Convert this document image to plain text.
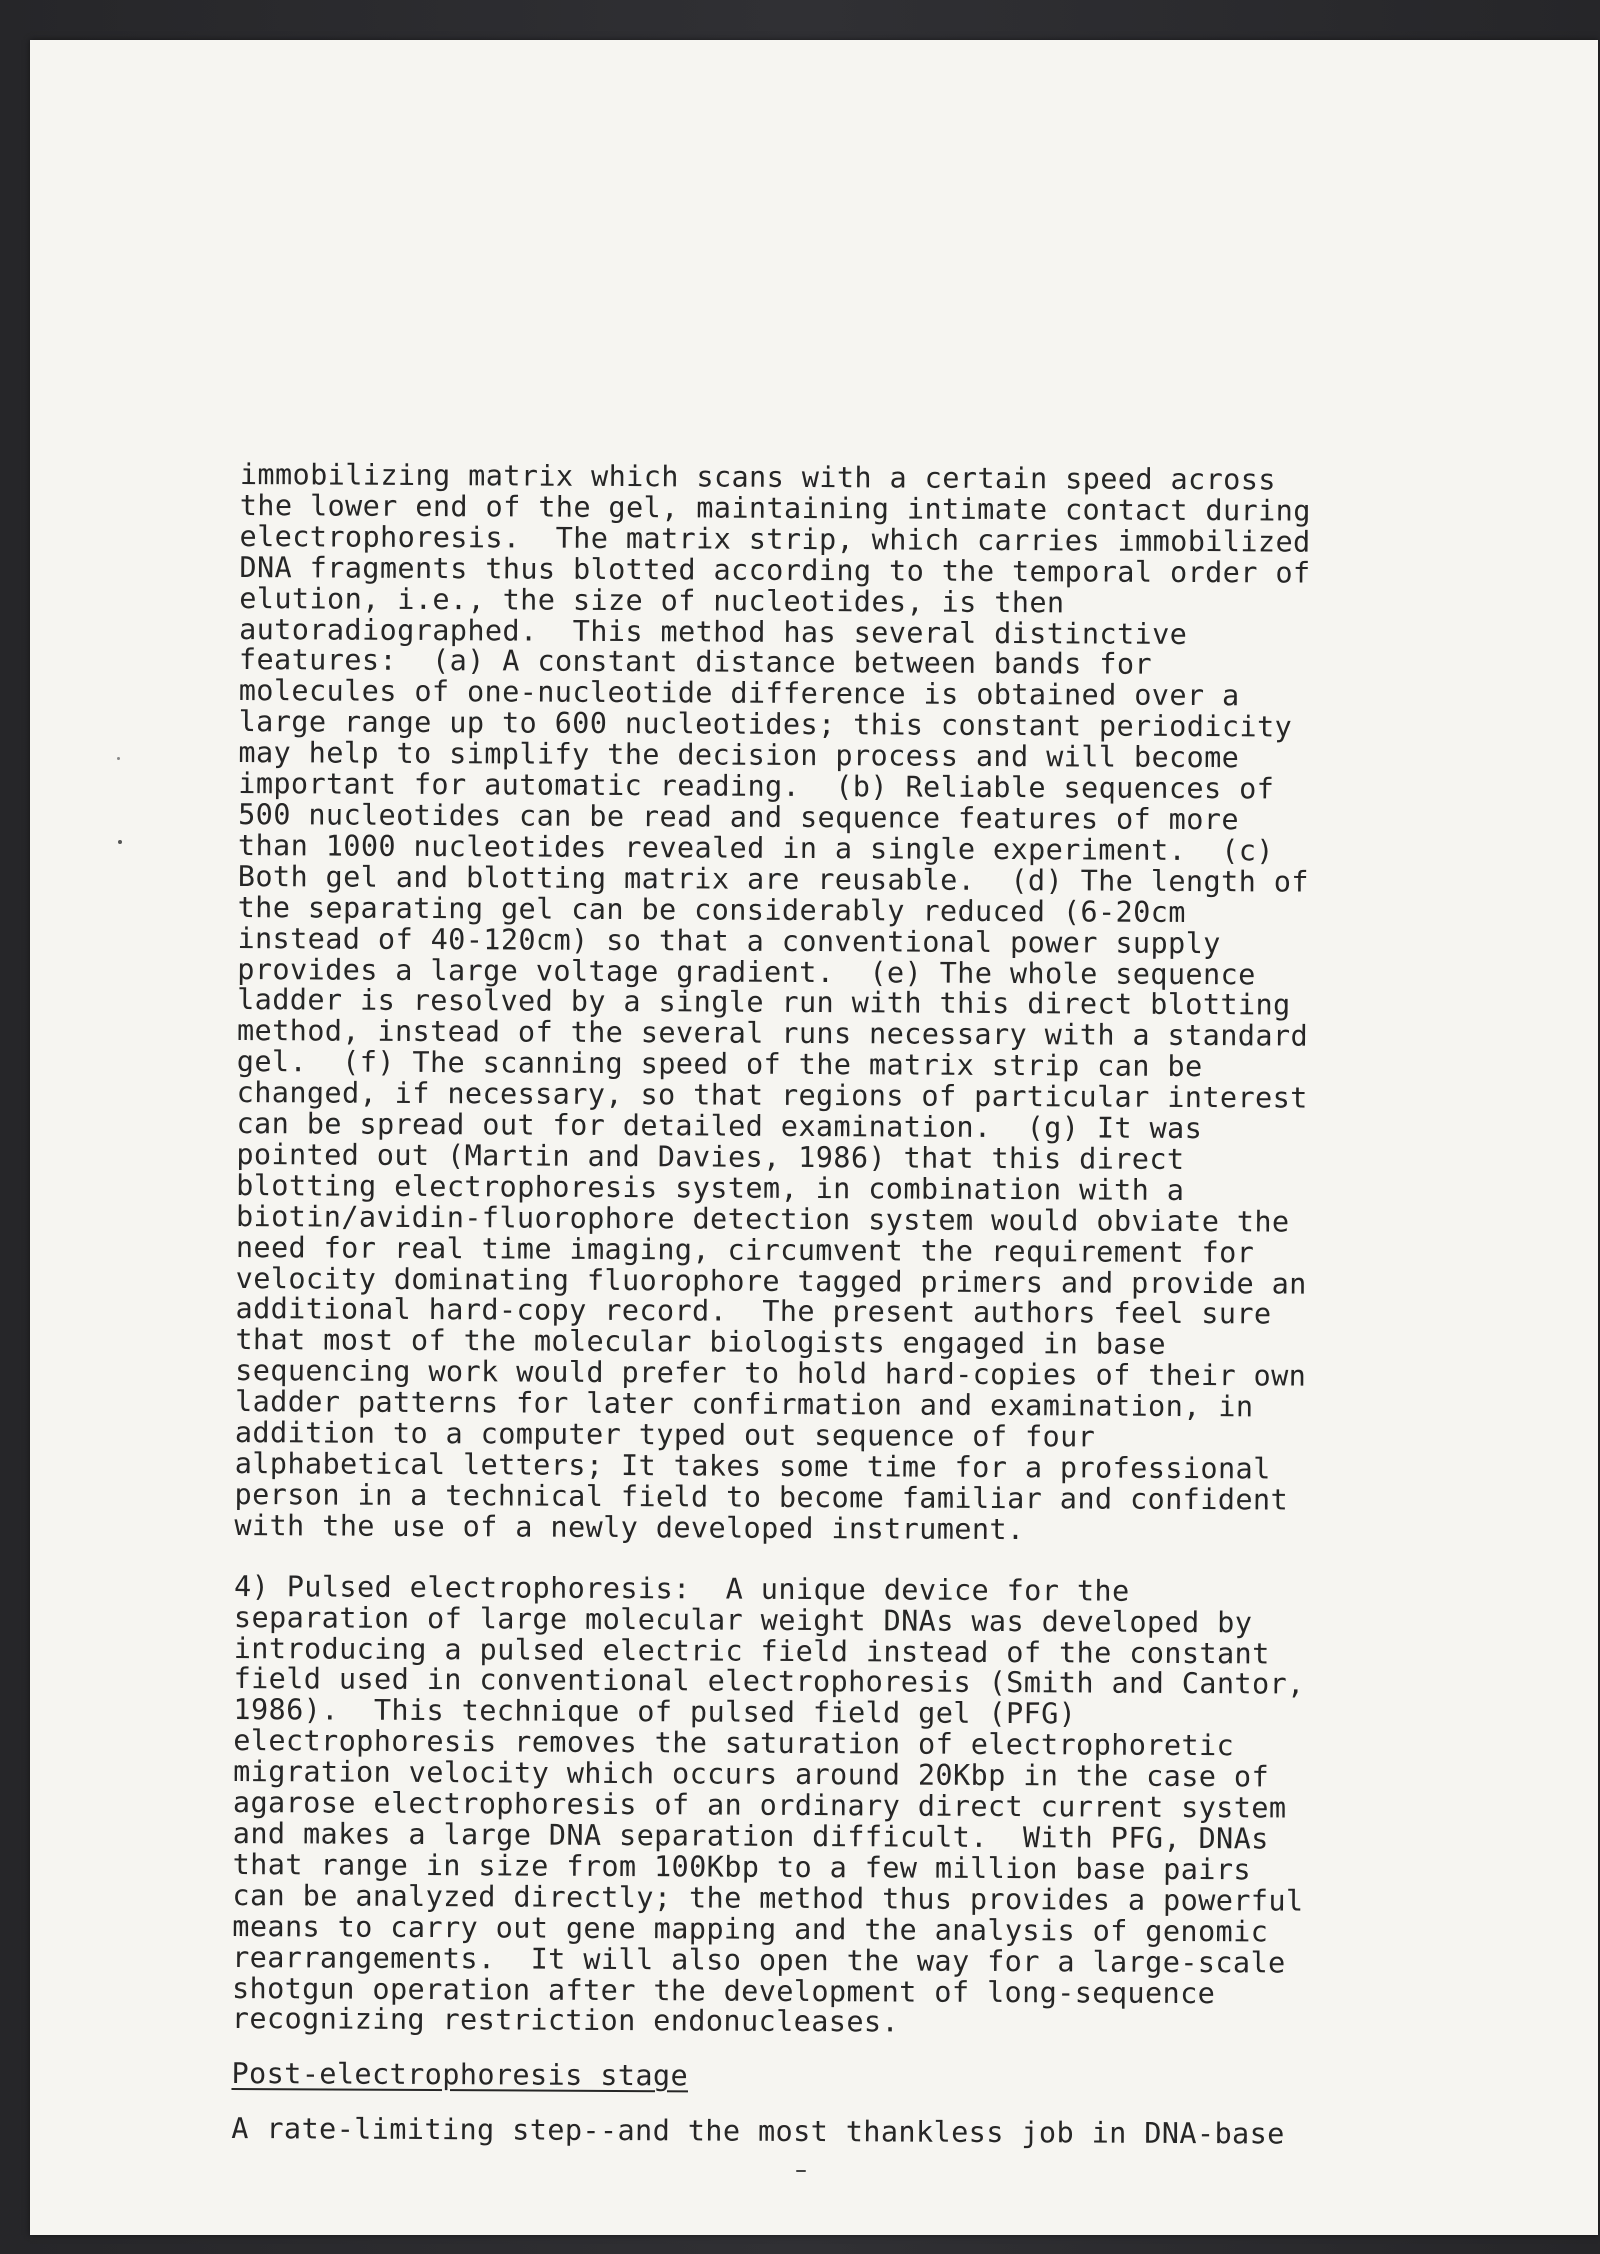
immobilizing matrix which scans with a certain speed across
the lower end of the gel, maintaining intimate contact during
electrophoresis.  The matrix strip, which carries immobilized
DNA fragments thus blotted according to the temporal order of
elution, i.e., the size of nucleotides, is then
autoradiographed.  This method has several distinctive
features:  (a) A constant distance between bands for
molecules of one-nucleotide difference is obtained over a
large range up to 600 nucleotides; this constant periodicity
may help to simplify the decision process and will become
important for automatic reading.  (b) Reliable sequences of
500 nucleotides can be read and sequence features of more
than 1000 nucleotides revealed in a single experiment.  (c)
Both gel and blotting matrix are reusable.  (d) The length of
the separating gel can be considerably reduced (6-20cm
instead of 40-120cm) so that a conventional power supply
provides a large voltage gradient.  (e) The whole sequence
ladder is resolved by a single run with this direct blotting
method, instead of the several runs necessary with a standard
gel.  (f) The scanning speed of the matrix strip can be
changed, if necessary, so that regions of particular interest
can be spread out for detailed examination.  (g) It was
pointed out (Martin and Davies, 1986) that this direct
blotting electrophoresis system, in combination with a
biotin/avidin-fluorophore detection system would obviate the
need for real time imaging, circumvent the requirement for
velocity dominating fluorophore tagged primers and provide an
additional hard-copy record.  The present authors feel sure
that most of the molecular biologists engaged in base
sequencing work would prefer to hold hard-copies of their own
ladder patterns for later confirmation and examination, in
addition to a computer typed out sequence of four
alphabetical letters; It takes some time for a professional
person in a technical field to become familiar and confident
with the use of a newly developed instrument.
4) Pulsed electrophoresis:  A unique device for the
separation of large molecular weight DNAs was developed by
introducing a pulsed electric field instead of the constant
field used in conventional electrophoresis (Smith and Cantor,
1986).  This technique of pulsed field gel (PFG)
electrophoresis removes the saturation of electrophoretic
migration velocity which occurs around 20Kbp in the case of
agarose electrophoresis of an ordinary direct current system
and makes a large DNA separation difficult.  With PFG, DNAs
that range in size from 100Kbp to a few million base pairs
can be analyzed directly; the method thus provides a powerful
means to carry out gene mapping and the analysis of genomic
rearrangements.  It will also open the way for a large-scale
shotgun operation after the development of long-sequence
recognizing restriction endonucleases.
Post-electrophoresis stage
A rate-limiting step--and the most thankless job in DNA-base
